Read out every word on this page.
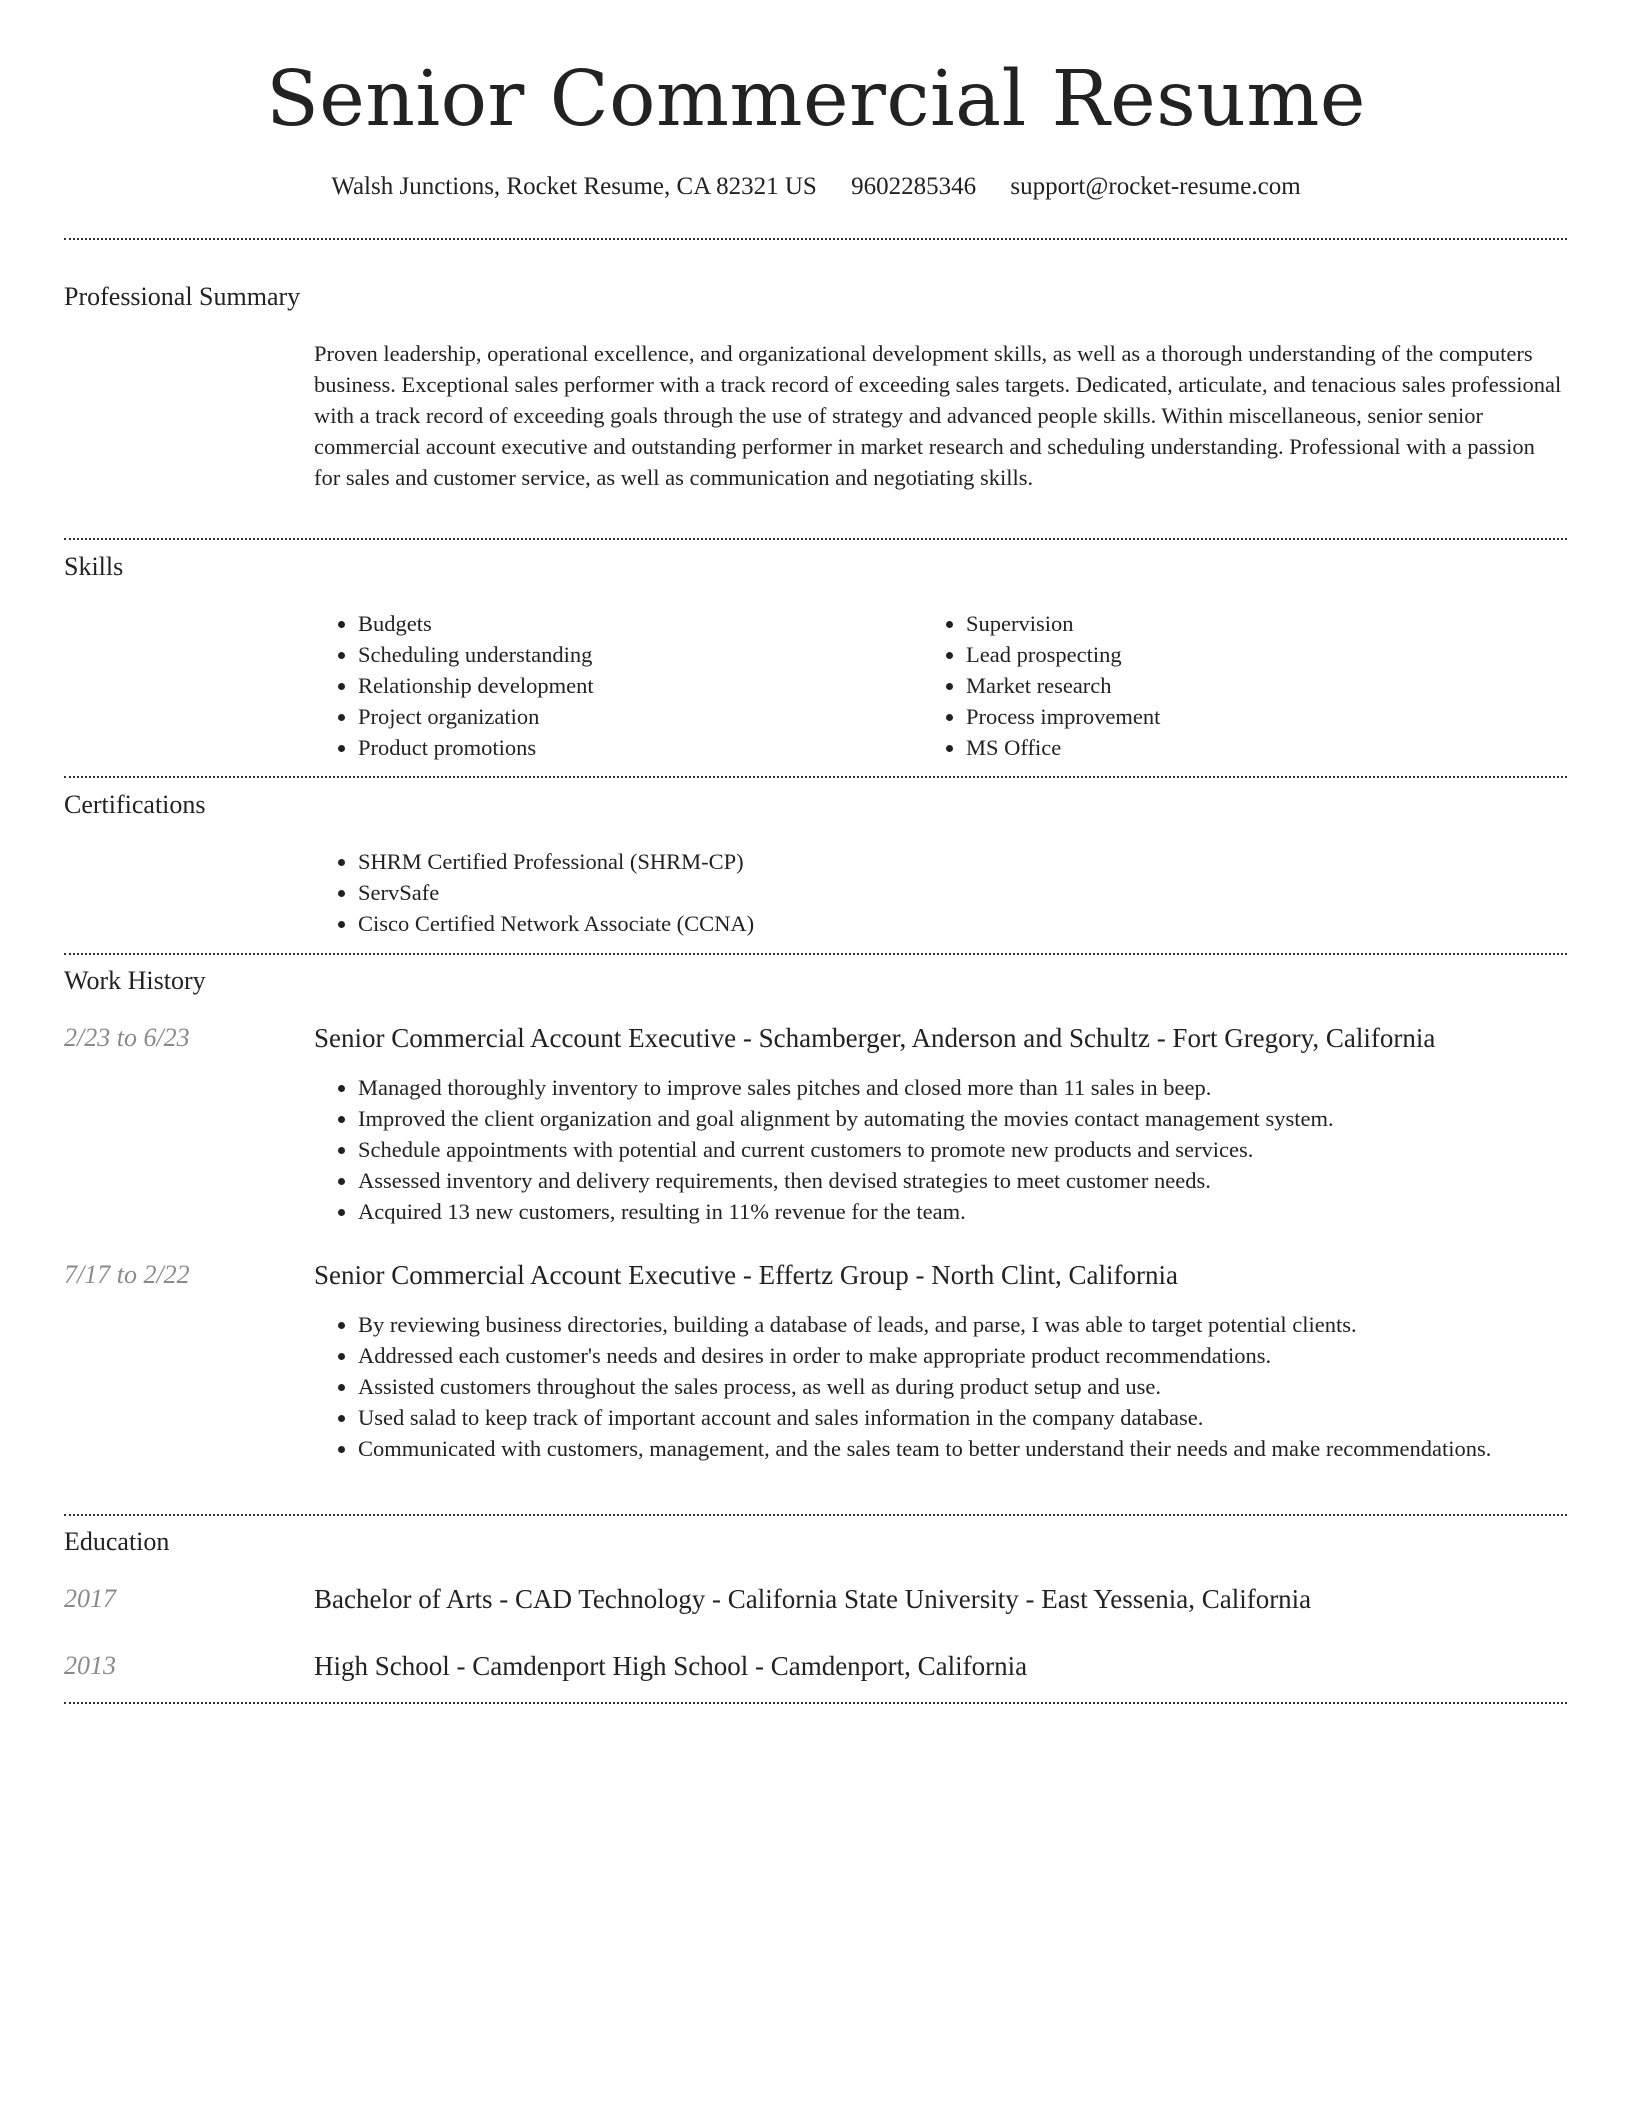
Senior Commercial Resume
Walsh Junctions, Rocket Resume, CA 82321 US 9602285346 support@rocket-resume.com
Professional Summary

Proven leadership, operational excellence, and organizational development skills, as well as a thorough understanding of the computers business. Exceptional sales performer with a track record of exceeding sales targets. Dedicated, articulate, and tenacious sales professional with a track record of exceeding goals through the use of strategy and advanced people skills. Within miscellaneous, senior senior commercial account executive and outstanding performer in market research and scheduling understanding. Professional with a passion for sales and customer service, as well as communication and negotiating skills.

Skills
• Budgets
• Scheduling understanding
• Relationship development
• Project organization
• Product promotions
• Supervision
• Lead prospecting
• Market research
• Process improvement
• MS Office
Certifications
• SHRM Certified Professional (SHRM-CP)
• ServSafe
• Cisco Certified Network Associate (CCNA)
Work History
2/23 to 6/23	Senior Commercial Account Executive - Schamberger, Anderson and Schultz - Fort Gregory, California
• Managed thoroughly inventory to improve sales pitches and closed more than 11 sales in beep.
• Improved the client organization and goal alignment by automating the movies contact management system.
• Schedule appointments with potential and current customers to promote new products and services.
• Assessed inventory and delivery requirements, then devised strategies to meet customer needs.
• Acquired 13 new customers, resulting in 11% revenue for the team.
7/17 to 2/22	Senior Commercial Account Executive - Effertz Group - North Clint, California
• By reviewing business directories, building a database of leads, and parse, I was able to target potential clients.
• Addressed each customer's needs and desires in order to make appropriate product recommendations.
• Assisted customers throughout the sales process, as well as during product setup and use.
• Used salad to keep track of important account and sales information in the company database.
• Communicated with customers, management, and the sales team to better understand their needs and make recommendations.
Education
2017	Bachelor of Arts - CAD Technology - California State University - East Yessenia, California
2013	High School - Camdenport High School - Camdenport, California
